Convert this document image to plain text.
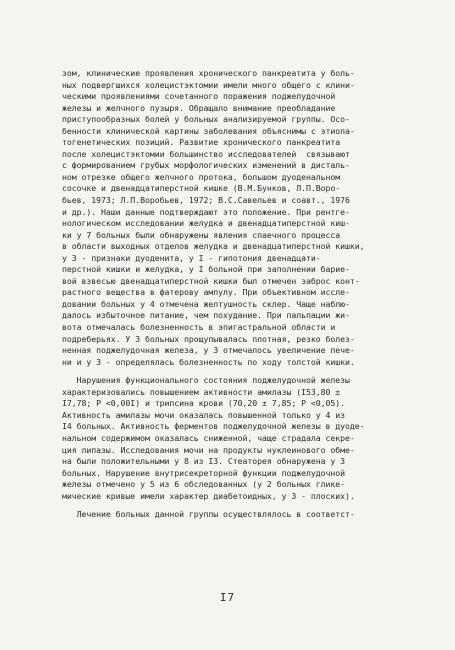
зом, клинические проявления хронического панкреатита у боль-
ных подвергшихся холецистэктомии имели много общего с клини-
ческими проявлениями сочетанного поражения поджелудочной
железы и желчного пузыря. Обращало внимание преобладание
приступообразных болей у больных анализируемой группы. Осо-
бенности клинической картины заболевания объяснимы с этиопа-
тогенетических позиций. Развитие хронического панкреатита
после холецистэктомии большинство исследователей  связывают
с формированием грубых морфологических изменений в дисталь-
ном отрезке общего желчного протока, большом дуоденальном
сосочке и двенадцатиперстной кишке (В.М.Бунков, Л.П.Воро-
бьев, 1973; Л.П.Воробьев, 1972; В.С.Савельев и соавт., 1976
и др.). Наши данные подтверждают это положение. При рентге-
нологическом исследовании желудка и двенадцатиперстной киш-
ки у 7 больных были обнаружены явления спаечного процесса
в области выходных отделов желудка и двенадцатиперстной кишки,
у 3 - признаки дуоденита, у I - гипотония двенадцати-
перстной кишки и желудка, у I больной при заполнении барие-
вой взвесью двенадцатиперстной кишки был отмечен заброс конт-
растного вещества в фатерову ампулу. При объективном иссле-
довании больных у 4 отмечена желтушность склер. Чаще наблю-
далось избыточное питание, чем похудание. При пальпации жи-
вота отмечалась болезненность в эпигастральной области и
подреберьях. У 3 больных прощупывалась плотная, резко болез-
ненная поджелудочная железа, у 3 отмечалось увеличение пече-
ни и у 3 - определялась болезненность по ходу толстой кишки.
Нарушения функционального состояния поджелудочной железы
характеризовались повышением активности амилазы (I53,80 ±
I7,78; Р <0,00I) и трипсина крови (70,20 ± 7,85; Р <0,05).
Активность амилазы мочи оказалась повышенной только у 4 из
I4 больных. Активность ферментов поджелудочной железы в дуоде-
нальном содержимом оказалась сниженной, чаще страдала секре-
ция липазы. Исследования мочи на продукты нуклеинового обме-
на были положительными у 8 из I3. Стеаторея обнаружена у 3
больных. Нарушение внутрисекреторной функции поджелудочной
железы отмечено у 5 из 6 обследованных (у 2 больных глике-
мические кривые имели характер диабетоидных, у 3 - плоских).
Лечение больных данной группы осуществлялось в соответст-
I7
